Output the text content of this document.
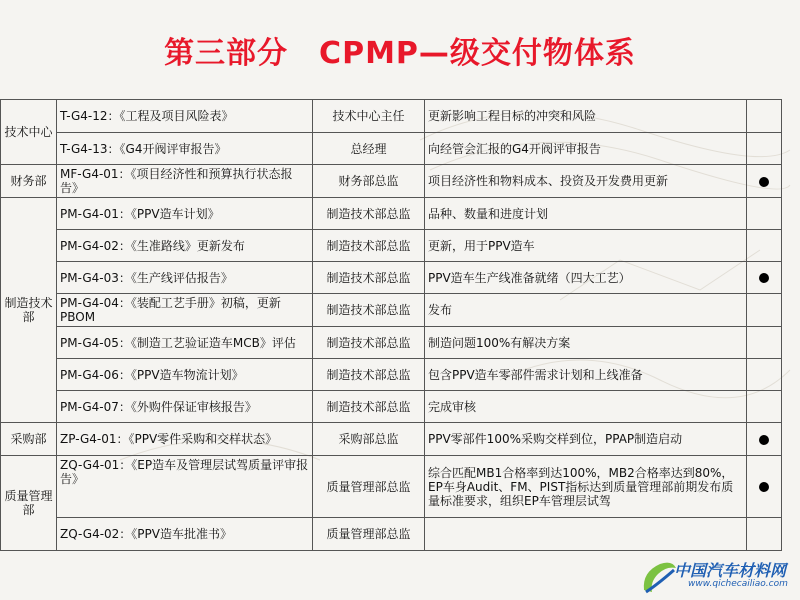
第三部分　CPMP—级交付物体系
技术中心	T-G4-12：《工程及项目风险表》	技术中心主任	更新影响工程目标的冲突和风险	
	T-G4-13：《G4开阀评审报告》	总经理	向经管会汇报的G4开阀评审报告	
财务部	MF-G4-01：《项目经济性和预算执行状态报告》	财务部总监	项目经济性和物料成本、投资及开发费用更新	
制造技术部	PM-G4-01：《PPV造车计划》	制造技术部总监	品种、数量和进度计划	
	PM-G4-02：《生准路线》更新发布	制造技术部总监	更新，用于PPV造车	
	PM-G4-03：《生产线评估报告》	制造技术部总监	PPV造车生产线准备就绪（四大工艺）	
	PM-G4-04：《装配工艺手册》初稿，更新PBOM	制造技术部总监	发布	
	PM-G4-05：《制造工艺验证造车MCB》评估	制造技术部总监	制造问题100%有解决方案	
	PM-G4-06：《PPV造车物流计划》	制造技术部总监	包含PPV造车零部件需求计划和上线准备	
	PM-G4-07：《外购件保证审核报告》	制造技术部总监	完成审核	
采购部	ZP-G4-01：《PPV零件采购和交样状态》	采购部总监	PPV零部件100%采购交样到位，PPAP制造启动	
质量管理部	ZQ-G4-01：《EP造车及管理层试驾质量评审报告》	质量管理部总监	综合匹配MB1合格率到达100%，MB2合格率达到80%，EP车身Audit、FM、PIST指标达到质量管理部前期发布质量标准要求，组织EP车管理层试驾	
	ZQ-G4-02：《PPV造车批准书》	质量管理部总监		
中国汽车材料网
www.qichecailiao.com
